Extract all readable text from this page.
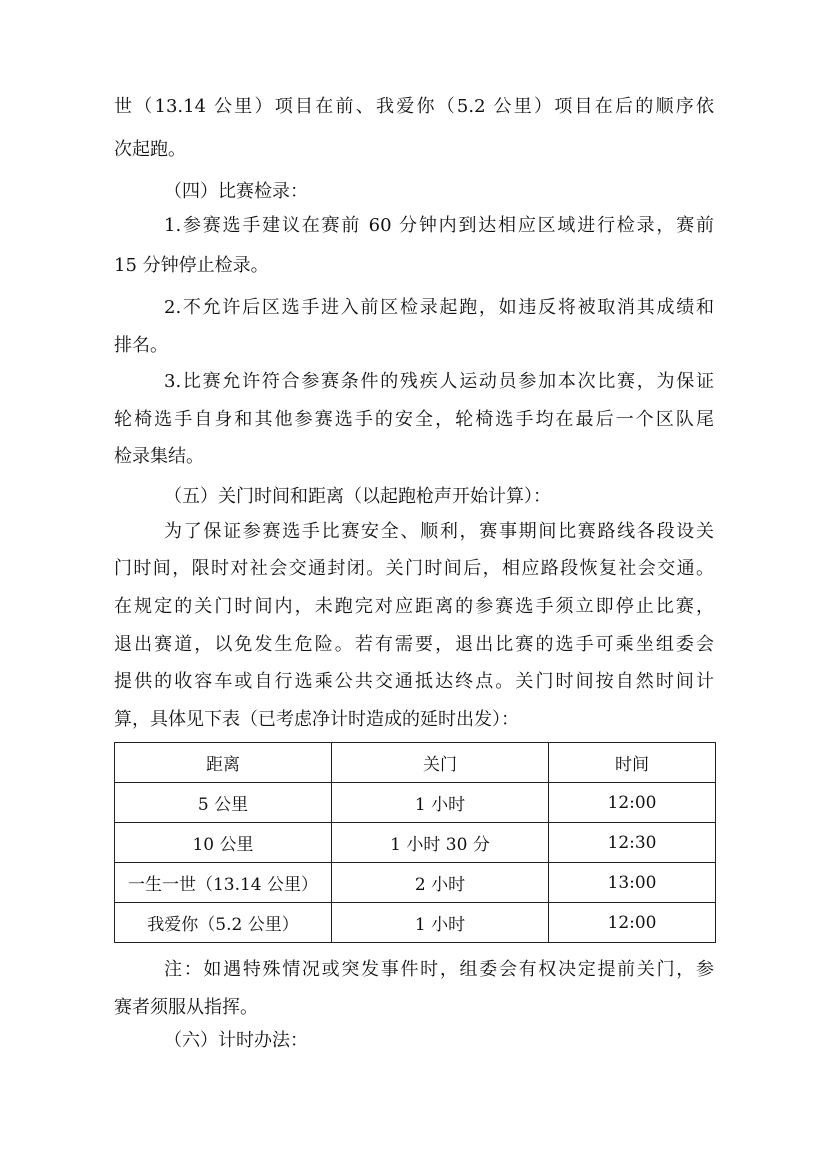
世（13.14 公里）项目在前、我爱你（5.2 公里）项目在后的顺序依
次起跑。
（四）比赛检录：
1.参赛选手建议在赛前 60 分钟内到达相应区域进行检录，赛前
15 分钟停止检录。
2.不允许后区选手进入前区检录起跑，如违反将被取消其成绩和
排名。
3.比赛允许符合参赛条件的残疾人运动员参加本次比赛，为保证
轮椅选手自身和其他参赛选手的安全，轮椅选手均在最后一个区队尾
检录集结。
（五）关门时间和距离（以起跑枪声开始计算）：
为了保证参赛选手比赛安全、顺利，赛事期间比赛路线各段设关
门时间，限时对社会交通封闭。关门时间后，相应路段恢复社会交通。
在规定的关门时间内，未跑完对应距离的参赛选手须立即停止比赛，
退出赛道，以免发生危险。若有需要，退出比赛的选手可乘坐组委会
提供的收容车或自行选乘公共交通抵达终点。关门时间按自然时间计
算，具体见下表（已考虑净计时造成的延时出发）：
距离	关门	时间
5 公里	1 小时	12:00
10 公里	1 小时 30 分	12:30
一生一世（13.14 公里）	2 小时	13:00
我爱你（5.2 公里）	1 小时	12:00
注：如遇特殊情况或突发事件时，组委会有权决定提前关门，参
赛者须服从指挥。
（六）计时办法：
